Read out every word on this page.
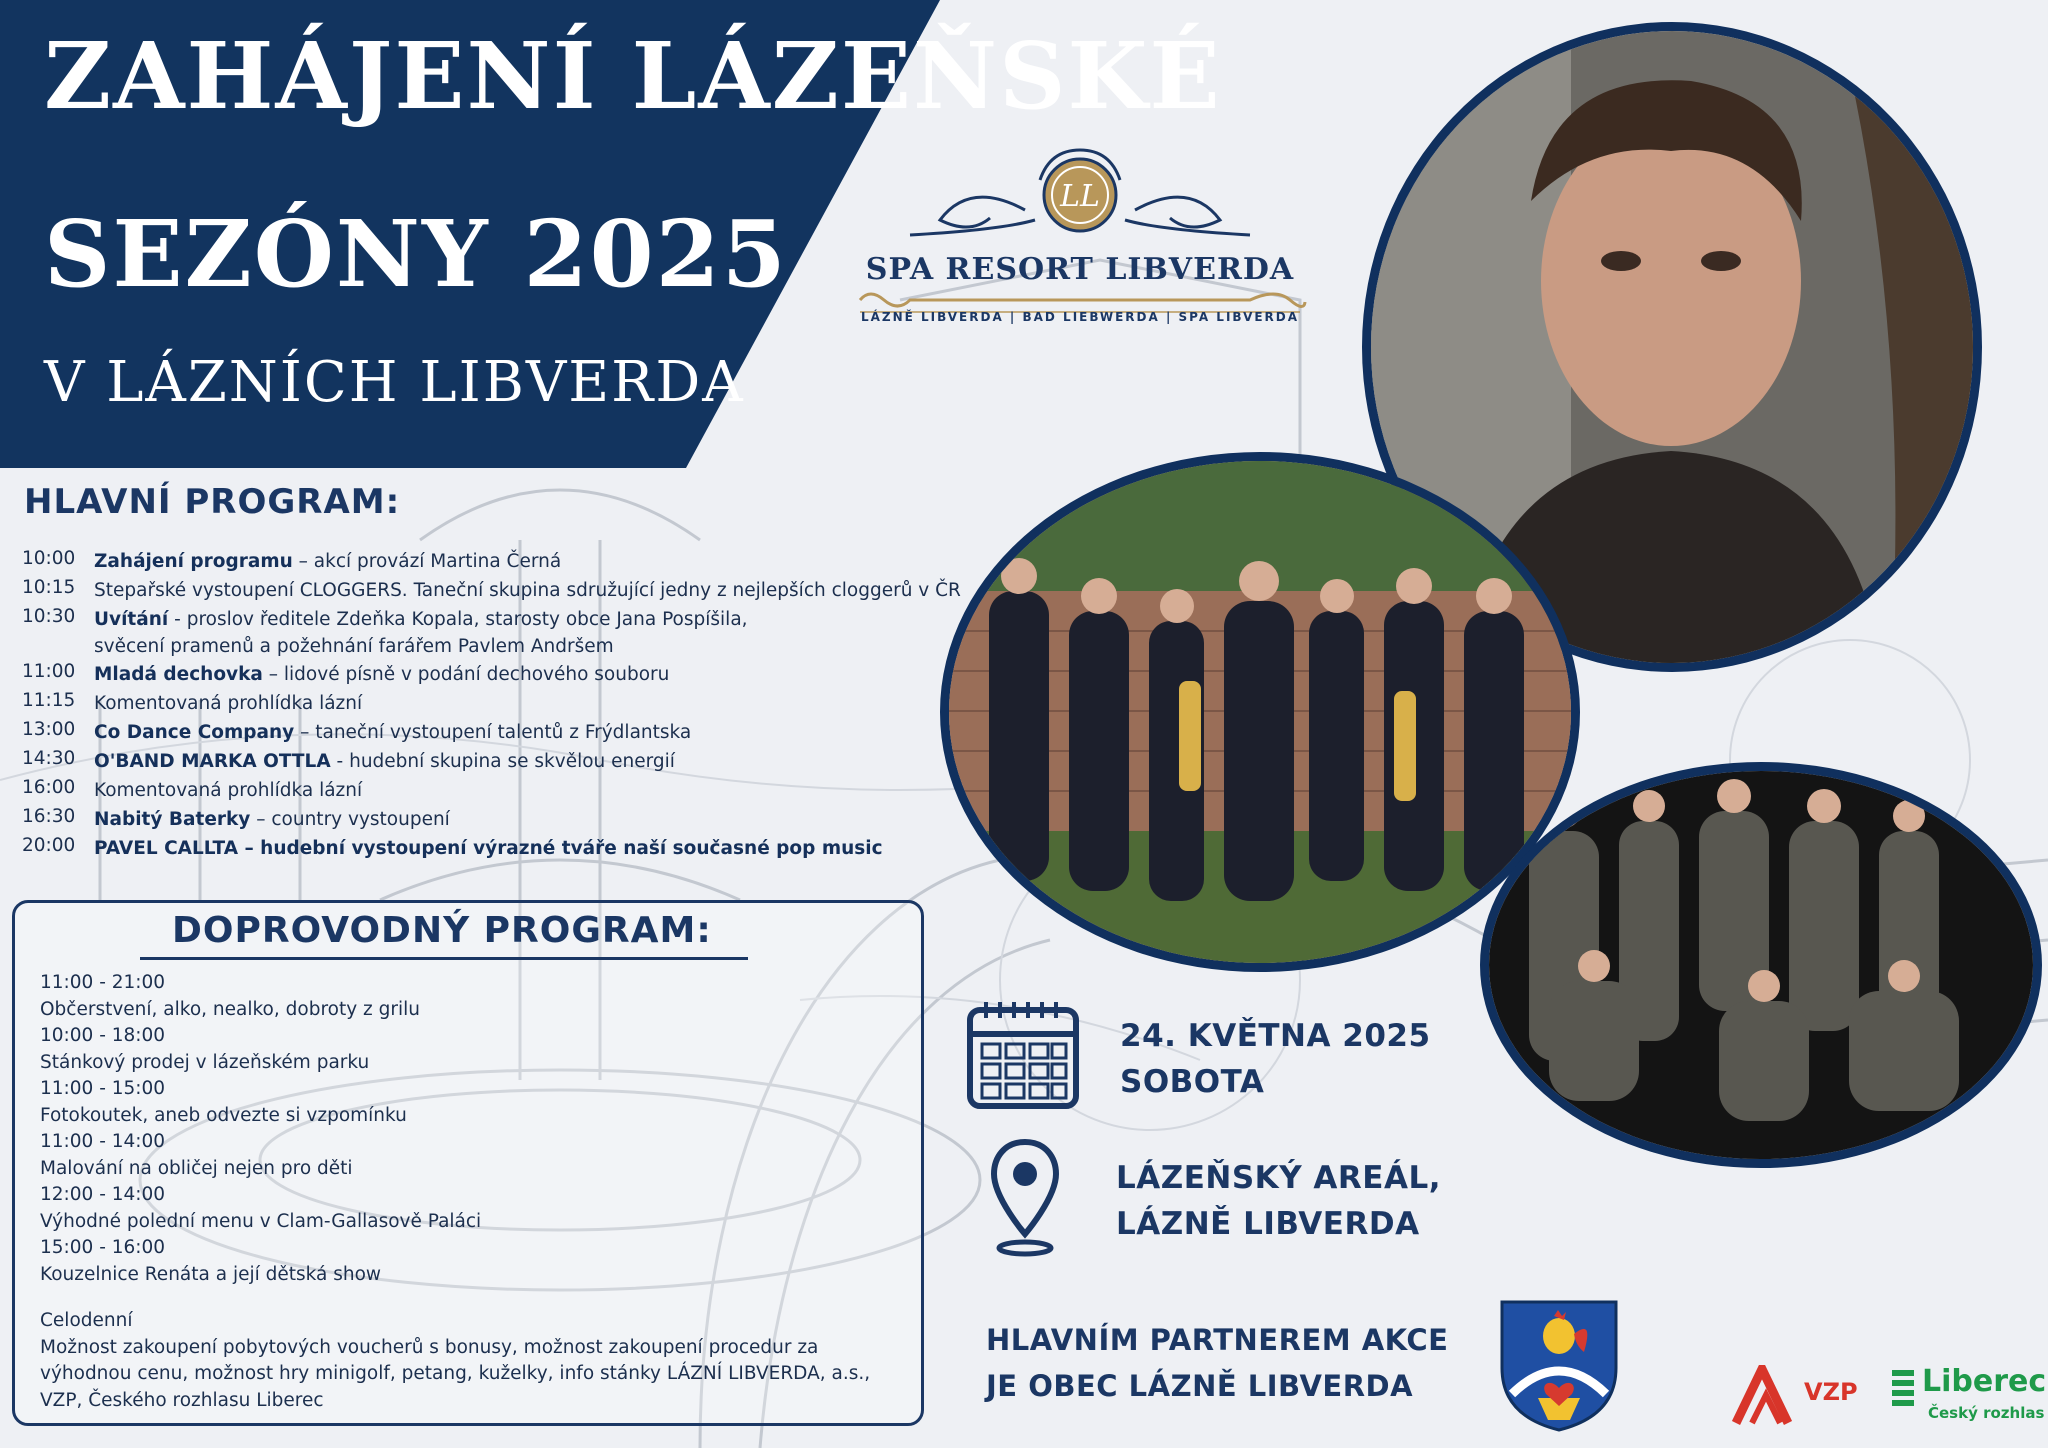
ZAHÁJENÍ LÁZEŇSKÉ
SEZÓNY 2025
V LÁZNÍCH LIBVERDA
LL
SPA RESORT LIBVERDA
LÁZNĚ LIBVERDA | BAD LIEBWERDA | SPA LIBVERDA
HLAVNÍ PROGRAM:
10:00	Zahájení programu – akcí provází Martina Černá
10:15	Stepařské vystoupení CLOGGERS. Taneční skupina sdružující jedny z nejlepších cloggerů v ČR
10:30	Uvítání - proslov ředitele Zdeňka Kopala, starosty obce Jana Pospíšila,
svěcení pramenů a požehnání farářem Pavlem Andršem
11:00	Mladá dechovka – lidové písně v podání dechového souboru
11:15	Komentovaná prohlídka lázní
13:00	Co Dance Company – taneční vystoupení talentů z Frýdlantska
14:30	O'BAND MARKA OTTLA - hudební skupina se skvělou energií
16:00	Komentovaná prohlídka lázní
16:30	Nabitý Baterky – country vystoupení
20:00	PAVEL CALLTA – hudební vystoupení výrazné tváře naší současné pop music
DOPROVODNÝ PROGRAM:
11:00 - 21:00
Občerstvení, alko, nealko, dobroty z grilu
10:00 - 18:00
Stánkový prodej v lázeňském parku
11:00 - 15:00
Fotokoutek, aneb odvezte si vzpomínku
11:00 - 14:00
Malování na obličej nejen pro děti
12:00 - 14:00
Výhodné polední menu v Clam-Gallasově Paláci
15:00 - 16:00
Kouzelnice Renáta a její dětská show
Celodenní
Možnost zakoupení pobytových voucherů s bonusy, možnost zakoupení procedur za výhodnou cenu, možnost hry minigolf, petang, kuželky, info stánky LÁZNÍ LIBVERDA, a.s., VZP, Českého rozhlasu Liberec
24. KVĚTNA 2025
SOBOTA
LÁZEŇSKÝ AREÁL,
LÁZNĚ LIBVERDA
HLAVNÍM PARTNEREM AKCE
JE OBEC LÁZNĚ LIBVERDA	VZP Liberec
Český rozhlas
